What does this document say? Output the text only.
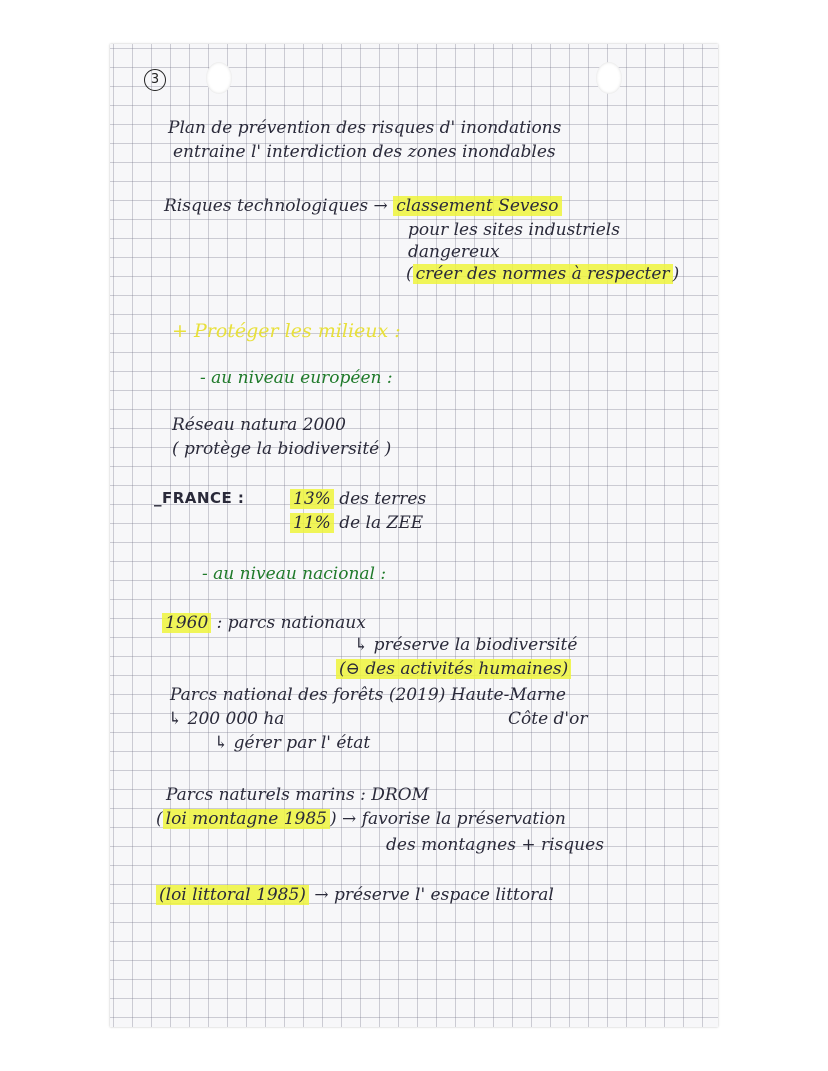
3
Plan de prévention des risques d' inondations
entraine l' interdiction des zones inondables
Risques technologiques → classement Seveso
pour les sites industriels
dangereux
( créer des normes à respecter )
+ Protéger les milieux :
- au niveau européen :
Réseau natura 2000
( protège la biodiversité )
_FRANCE :	13% des terres
11% de la ZEE
- au niveau nacional :
1960 : parcs nationaux
↳ préserve la biodiversité
(⊖ des activités humaines)
Parcs national des forêts (2019) Haute-Marne
↳ 200 000 ha	Côte d'or
↳ gérer par l' état
Parcs naturels marins : DROM
( loi montagne 1985 ) → favorise la préservation
des montagnes + risques
(loi littoral 1985) → préserve l' espace littoral
